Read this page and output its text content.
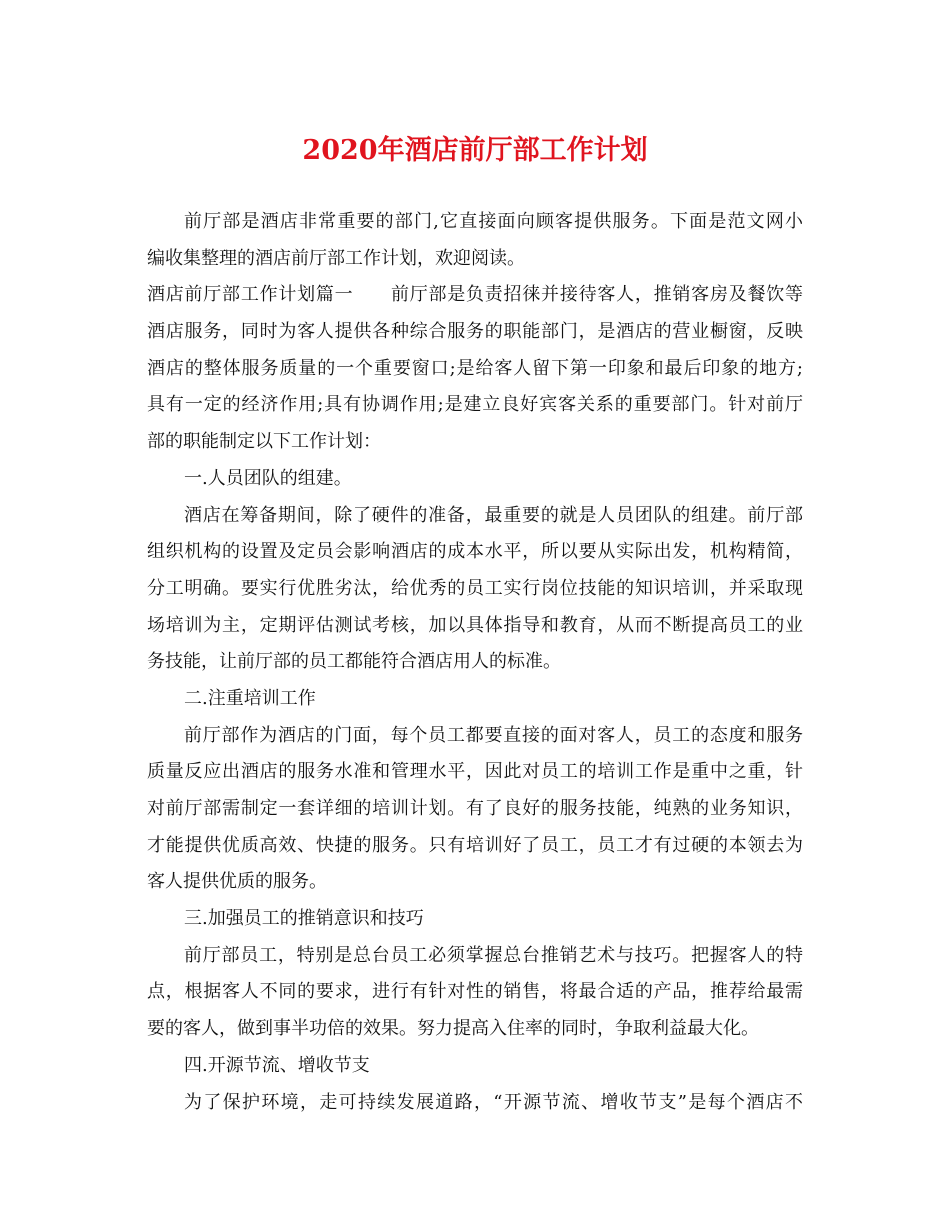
2020年酒店前厅部工作计划
前厅部是酒店非常重要的部门,它直接面向顾客提供服务。下面是范文网小
编收集整理的酒店前厅部工作计划，欢迎阅读。
酒店前厅部工作计划篇一　　前厅部是负责招徕并接待客人，推销客房及餐饮等
酒店服务，同时为客人提供各种综合服务的职能部门，是酒店的营业橱窗，反映
酒店的整体服务质量的一个重要窗口;是给客人留下第一印象和最后印象的地方;
具有一定的经济作用;具有协调作用;是建立良好宾客关系的重要部门。针对前厅
部的职能制定以下工作计划：
一.人员团队的组建。
酒店在筹备期间，除了硬件的准备，最重要的就是人员团队的组建。前厅部
组织机构的设置及定员会影响酒店的成本水平，所以要从实际出发，机构精简，
分工明确。要实行优胜劣汰，给优秀的员工实行岗位技能的知识培训，并采取现
场培训为主，定期评估测试考核，加以具体指导和教育，从而不断提高员工的业
务技能，让前厅部的员工都能符合酒店用人的标准。
二.注重培训工作
前厅部作为酒店的门面，每个员工都要直接的面对客人，员工的态度和服务
质量反应出酒店的服务水准和管理水平，因此对员工的培训工作是重中之重，针
对前厅部需制定一套详细的培训计划。有了良好的服务技能，纯熟的业务知识，
才能提供优质高效、快捷的服务。只有培训好了员工，员工才有过硬的本领去为
客人提供优质的服务。
三.加强员工的推销意识和技巧
前厅部员工，特别是总台员工必须掌握总台推销艺术与技巧。把握客人的特
点，根据客人不同的要求，进行有针对性的销售，将最合适的产品，推荐给最需
要的客人，做到事半功倍的效果。努力提高入住率的同时，争取利益最大化。
四.开源节流、增收节支
为了保护环境，走可持续发展道路，“开源节流、增收节支”是每个酒店不
